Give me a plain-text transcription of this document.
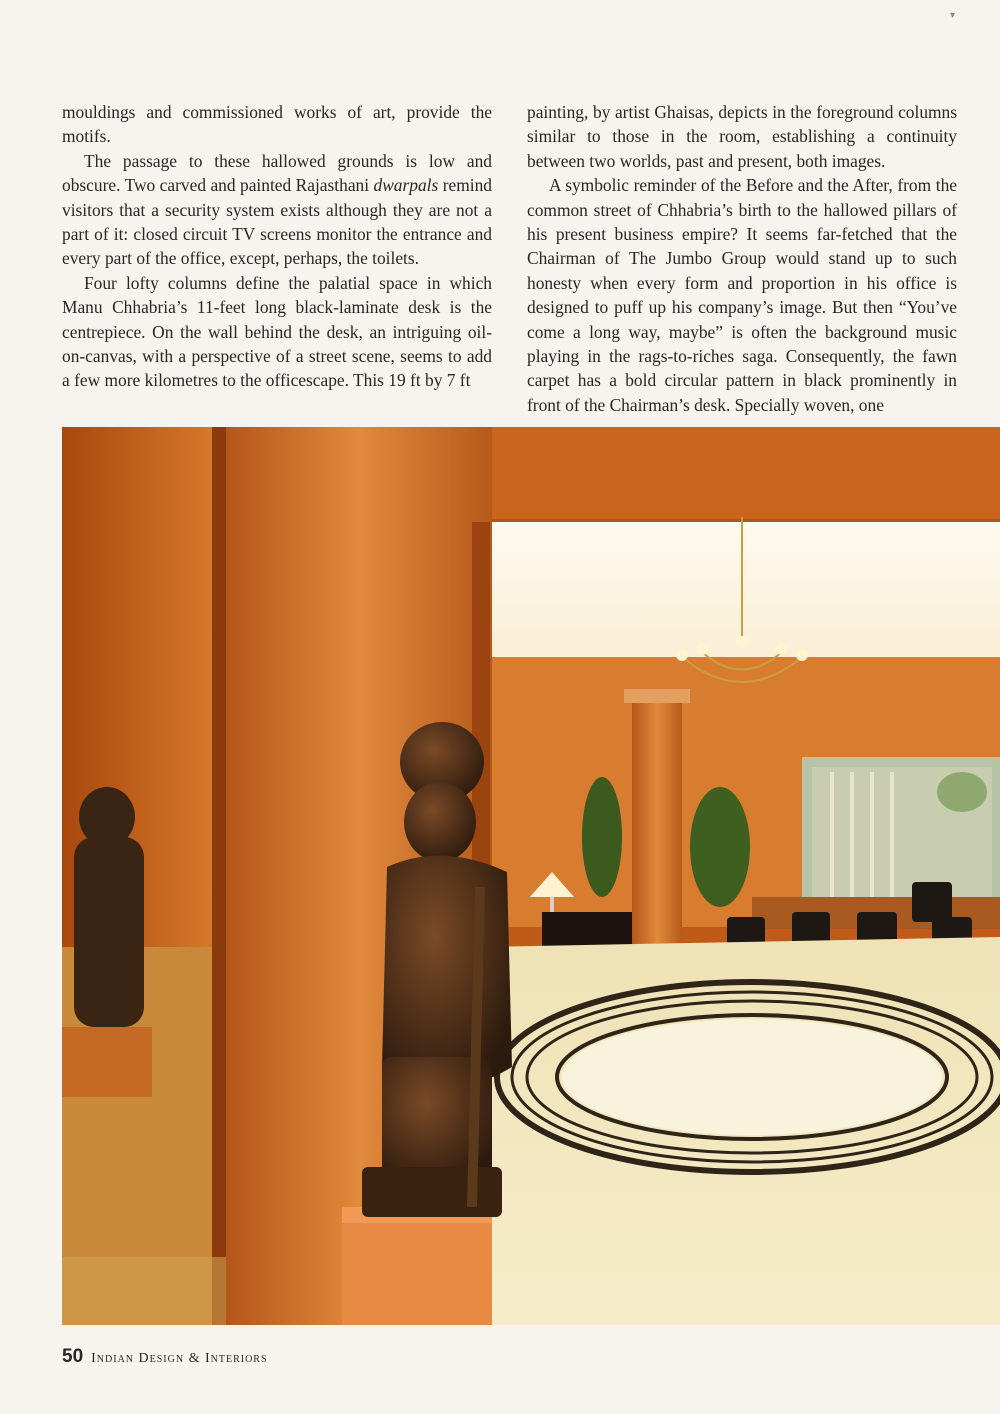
▾

mouldings and commissioned works of art, provide the motifs.

The passage to these hallowed grounds is low and obscure. Two carved and painted Rajasthani dwarpals remind visitors that a security system exists although they are not a part of it: closed circuit TV screens monitor the entrance and every part of the office, except, perhaps, the toilets.

Four lofty columns define the palatial space in which Manu Chhabria’s 11-feet long black-laminate desk is the centrepiece. On the wall behind the desk, an intriguing oil-on-canvas, with a perspective of a street scene, seems to add a few more kilometres to the officescape. This 19 ft by 7 ft

painting, by artist Ghaisas, depicts in the foreground columns similar to those in the room, establishing a continuity between two worlds, past and present, both images.

A symbolic reminder of the Before and the After, from the common street of Chhabria’s birth to the hallowed pillars of his present business empire? It seems far-fetched that the Chairman of The Jumbo Group would stand up to such honesty when every form and proportion in his office is designed to puff up his company’s image. But then “You’ve come a long way, maybe” is often the background music playing in the rags-to-riches saga. Consequently, the fawn carpet has a bold circular pattern in black prominently in front of the Chairman’s desk. Specially woven, one

50 Indian Design & Interiors
